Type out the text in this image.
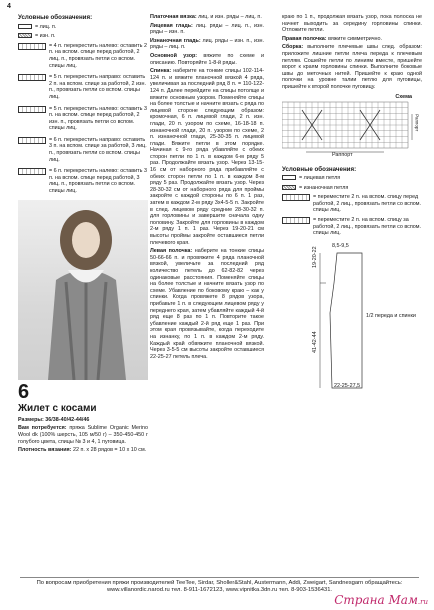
4
Условные обозначения:
= лиц. п.
= изн. п.
= 4 п. перекрестить налево: оставить 2 п. на вспом. спице перед работой, 2 лиц. п., провязать петли со вспом. спицы лиц.
= 5 п. перекрестить направо: оставить 2 п. на вспом. спице за работой, 2 изн. п., провязать петли со вспом. спицы лиц.
= 5 п. перекрестить налево: оставить 3 п. на вспом. спице перед работой, 2 изн. п., провязать петли со вспом. спицы лиц.
= 6 п. перекрестить направо: оставить 3 п. на вспом. спице за работой, 3 лиц. п., провязать петли со вспом. спицы лиц.
= 6 п. перекрестить налево: оставить 3 п. на вспом. спице перед работой, 3 лиц. п., провязать петли со вспом. спицы лиц.
6
Жилет с косами
Размеры: 36/38-40/42-44/46
Вам потребуется: пряжа Sublime Organic Merino Wool dk (100% шерсть, 105 м/50 г) – 350-450-450 г голубого цвета, спицы № 3 и 4, 1 пуговица.
Плотность вязания: 22 п. x 28 рядов = 10 x 10 см.
Платочная вязка: лиц. и изн. ряды – лиц. п.
Лицевая гладь: лиц. ряды – лиц. п., изн. ряды – изн. п.
Изнаночная гладь: лиц. ряды – изн. п., изн. ряды – лиц. п.
Основной узор: вяжите по схеме и описанию. Повторяйте 1-8-й ряды.
Спинка: наберите на тонкие спицы 102-114-124 п. и вяжите планочной вязкой 4 ряда, увеличивая за последний ряд 8 п. = 110-122-124 п. Далее перейдите на спицы потолще и вяжите основным узором. Поменяйте спицы на более толстые и начните вязать с ряда по лицевой стороне следующим образом: кромочная, 6 п. лицевой глади, 2 п. изн. глади, 20 п. узором по схеме, 16-18-18 п. изнаночной глади, 20 п. узором по схеме, 2 п. изнаночной глади, 25-30-35 п. лицевой глади. Вяжите петли в этом порядке. Начиная с 9-го ряда убавляйте с обеих сторон петли по 1 п. в каждом 6-м ряду 5 раз. Продолжайте вязать узор. Через 13-15-16 см от наборного ряда прибавляйте с обеих сторон петли по 1 п. в каждом 8-м ряду 5 раз. Продолжайте вязать узор. Через 28-30-32 см от наборного ряда для проймы закройте с каждой стороны по 6 п. 1 раз, затем в каждом 2-м ряду 3х4-5-5 п. Закройте в след. лицевом ряду средние 28-30-32 п. для горловины и завершите сначала одну половину. Закройте для горловины в каждом 2-м ряду 1 п. 1 раз. Через 19-20-21 см высоты проймы закройте оставшиеся петли плечевого края.
Левая полочка: наберите на тонкие спицы 50-66-66 п. и провяжите 4 ряда планочной вязкой, увеличьте за последний ряд количество петель до 62-82-82 через одинаковые расстояния. Поменяйте спицы на более толстые и начните вязать узор по схеме. Убавление по боковому краю – как у спинки. Когда провяжете 8 рядов узора, прибавьте 1 п. в следующем лицевом ряду у переднего края, затем убавляйте каждый 4-й ряд еще 8 раз по 1 п. Повторите такое убавление каждый 2-й ряд еще 1 раз. При этом края провязывайте, когда переходите на изнанку, по 1 п. в каждом 2-м ряду. Каждый край обвяжите планочной вязкой. Через 3-5-5 см высоты закройте оставшиеся 22-25-27 петель плеча.
краю по 1 п., продолжая вязать узор, пока полоска не начнет выходить за середину горловины спинки. Отложите петли.
Правая полочка: вяжите симметрично.
Сборка: выполните плечевые швы след. образом: приложите лишние петли плеча переда к плечевым петлям. Сошейте петли по линиям вместе, пришейте ворот к краям горловины спинки. Выполните боковые швы до меточных нитей. Пришейте к краю одной полочки на уровне талии петлю для пуговицы, пришейте к второй полочке пуговицу.
Схема
Раппорт
Раппорт
Условные обозначения:
= лицевая петля
= изнаночная петля
= переместите 2 п. на вспом. спицу перед работой, 2 лиц., провязать петли со вспом. спицы лиц.
= переместите 2 п. на вспом. спицу за работой, 2 лиц., провязать петли со вспом. спицы лиц.
8,5-9,5
19-20-22
41-42-44
1/2 переда и спинки
22-25-27,5
По вопросам приобретения пряжи производителей TeeTee, Sirdar, Sholler&Stahl, Austermann, Addi, Zweigart, Sandnesgarn обращайтесь: www.villanordic.narod.ru тел. 8-911-1672123, www.vipnitka.3dn.ru тел. 8-903-1536431.
Страна Мам.ru
